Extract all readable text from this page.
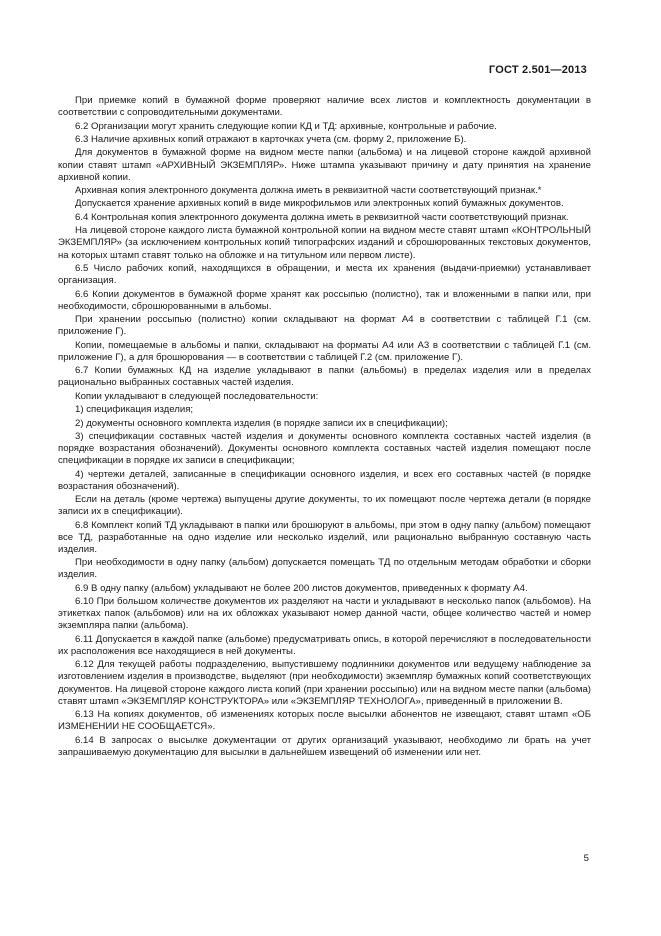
ГОСТ 2.501—2013

При приемке копий в бумажной форме проверяют наличие всех листов и комплектность документации в соответствии с сопроводительными документами.

6.2 Организации могут хранить следующие копии КД и ТД: архивные, контрольные и рабочие.

6.3 Наличие архивных копий отражают в карточках учета (см. форму 2, приложение Б).

Для документов в бумажной форме на видном месте папки (альбома) и на лицевой стороне каждой архивной копии ставят штамп «АРХИВНЫЙ ЭКЗЕМПЛЯР». Ниже штампа указывают причину и дату принятия на хранение архивной копии.

Архивная копия электронного документа должна иметь в реквизитной части соответствующий признак.*

Допускается хранение архивных копий в виде микрофильмов или электронных копий бумажных документов.

6.4 Контрольная копия электронного документа должна иметь в реквизитной части соответствующий признак.

На лицевой стороне каждого листа бумажной контрольной копии на видном месте ставят штамп «КОНТРОЛЬНЫЙ ЭКЗЕМПЛЯР» (за исключением контрольных копий типографских изданий и сброшюрованных текстовых документов, на которых штамп ставят только на обложке и на титульном или первом листе).

6.5 Число рабочих копий, находящихся в обращении, и места их хранения (выдачи-приемки) устанавливает организация.

6.6 Копии документов в бумажной форме хранят как россыпью (полистно), так и вложенными в папки или, при необходимости, сброшюрованными в альбомы.

При хранении россыпью (полистно) копии складывают на формат А4 в соответствии с таблицей Г.1 (см. приложение Г).

Копии, помещаемые в альбомы и папки, складывают на форматы А4 или А3 в соответствии с таблицей Г.1 (см. приложение Г), а для брошюрования — в соответствии с таблицей Г.2 (см. приложение Г).

6.7 Копии бумажных КД на изделие укладывают в папки (альбомы) в пределах изделия или в пределах рационально выбранных составных частей изделия.

Копии укладывают в следующей последовательности:

1) спецификация изделия;

2) документы основного комплекта изделия (в порядке записи их в спецификации);

3) спецификации составных частей изделия и документы основного комплекта составных частей изделия (в порядке возрастания обозначений). Документы основного комплекта составных частей изделия помещают после спецификации в порядке их записи в спецификации;

4) чертежи деталей, записанные в спецификации основного изделия, и всех его составных частей (в порядке возрастания обозначений).

Если на деталь (кроме чертежа) выпущены другие документы, то их помещают после чертежа детали (в порядке записи их в спецификации).

6.8 Комплект копий ТД укладывают в папки или брошюруют в альбомы, при этом в одну папку (альбом) помещают все ТД, разработанные на одно изделие или несколько изделий, или рационально выбранную составную часть изделия.

При необходимости в одну папку (альбом) допускается помещать ТД по отдельным методам обработки и сборки изделия.

6.9 В одну папку (альбом) укладывают не более 200 листов документов, приведенных к формату А4.

6.10 При большом количестве документов их разделяют на части и укладывают в несколько папок (альбомов). На этикетках папок (альбомов) или на их обложках указывают номер данной части, общее количество частей и номер экземпляра папки (альбома).

6.11 Допускается в каждой папке (альбоме) предусматривать опись, в которой перечисляют в последовательности их расположения все находящиеся в ней документы.

6.12 Для текущей работы подразделению, выпустившему подлинники документов или ведущему наблюдение за изготовлением изделия в производстве, выделяют (при необходимости) экземпляр бумажных копий соответствующих документов. На лицевой стороне каждого листа копий (при хранении россыпью) или на видном месте папки (альбома) ставят штамп «ЭКЗЕМПЛЯР КОНСТРУКТОРА» или «ЭКЗЕМПЛЯР ТЕХНОЛОГА», приведенный в приложении В.

6.13 На копиях документов, об изменениях которых после высылки абонентов не извещают, ставят штамп «ОБ ИЗМЕНЕНИИ НЕ СООБЩАЕТСЯ».

6.14 В запросах о высылке документации от других организаций указывают, необходимо ли брать на учет запрашиваемую документацию для высылки в дальнейшем извещений об изменении или нет.

5
